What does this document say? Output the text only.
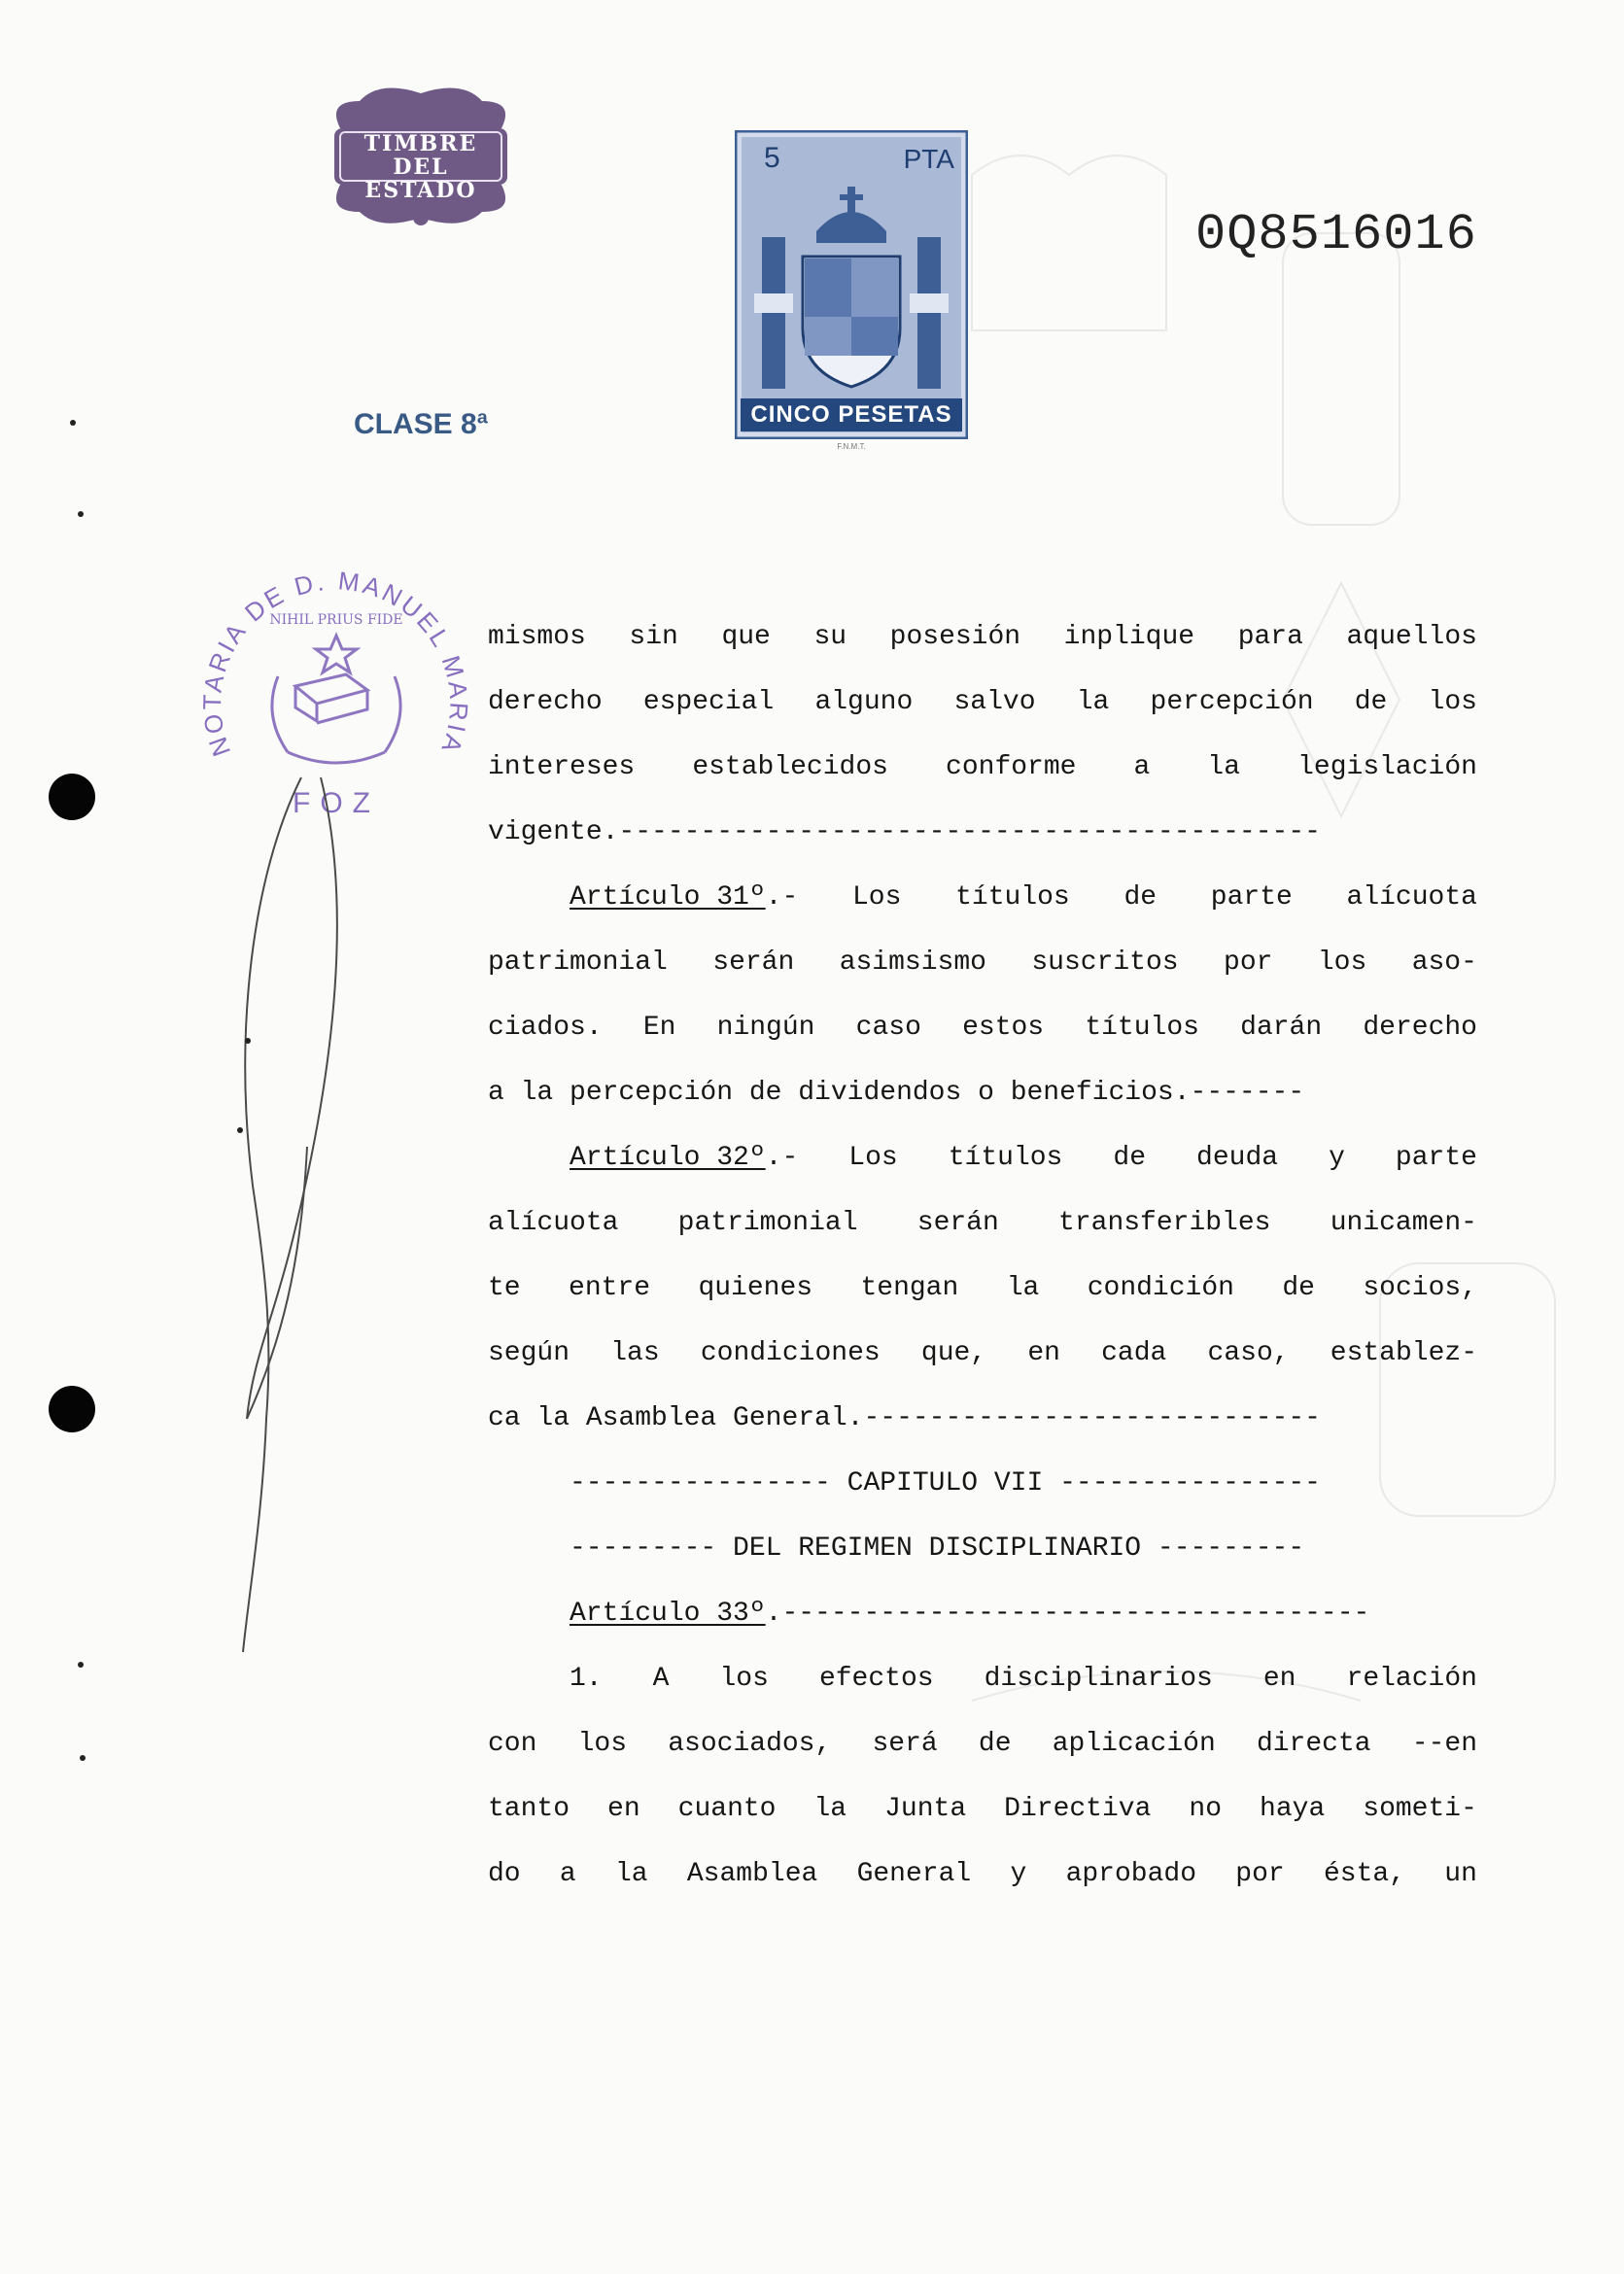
TIMBRE
DEL ESTADO
5	PTA
CINCO PESETAS
F.N.M.T.
0Q8516016
CLASE 8ª
NOTARIA DE D. MANUEL MARIA
FOZ
NIHIL PRIUS FIDE
mismos sin que su posesión inplique para aquellos
derecho especial alguno salvo la percepción de los
intereses establecidos conforme a la legislación
vigente.-------------------------------------------
Artículo 31º.- Los títulos de parte alícuota
patrimonial serán asimsismo suscritos por los aso-
ciados. En ningún caso estos títulos darán derecho
a la percepción de dividendos o beneficios.-------
Artículo 32º.- Los títulos de deuda y parte
alícuota patrimonial serán transferibles unicamen-
te entre quienes tengan la condición de socios,
según las condiciones que, en cada caso, establez-
ca la Asamblea General.----------------------------
---------------- CAPITULO VII ----------------
--------- DEL REGIMEN DISCIPLINARIO ---------
Artículo 33º .------------------------------------
1. A los efectos disciplinarios en relación
con los asociados, será de aplicación directa --en
tanto en cuanto la Junta Directiva no haya someti-
do a la Asamblea General y aprobado por ésta, un
